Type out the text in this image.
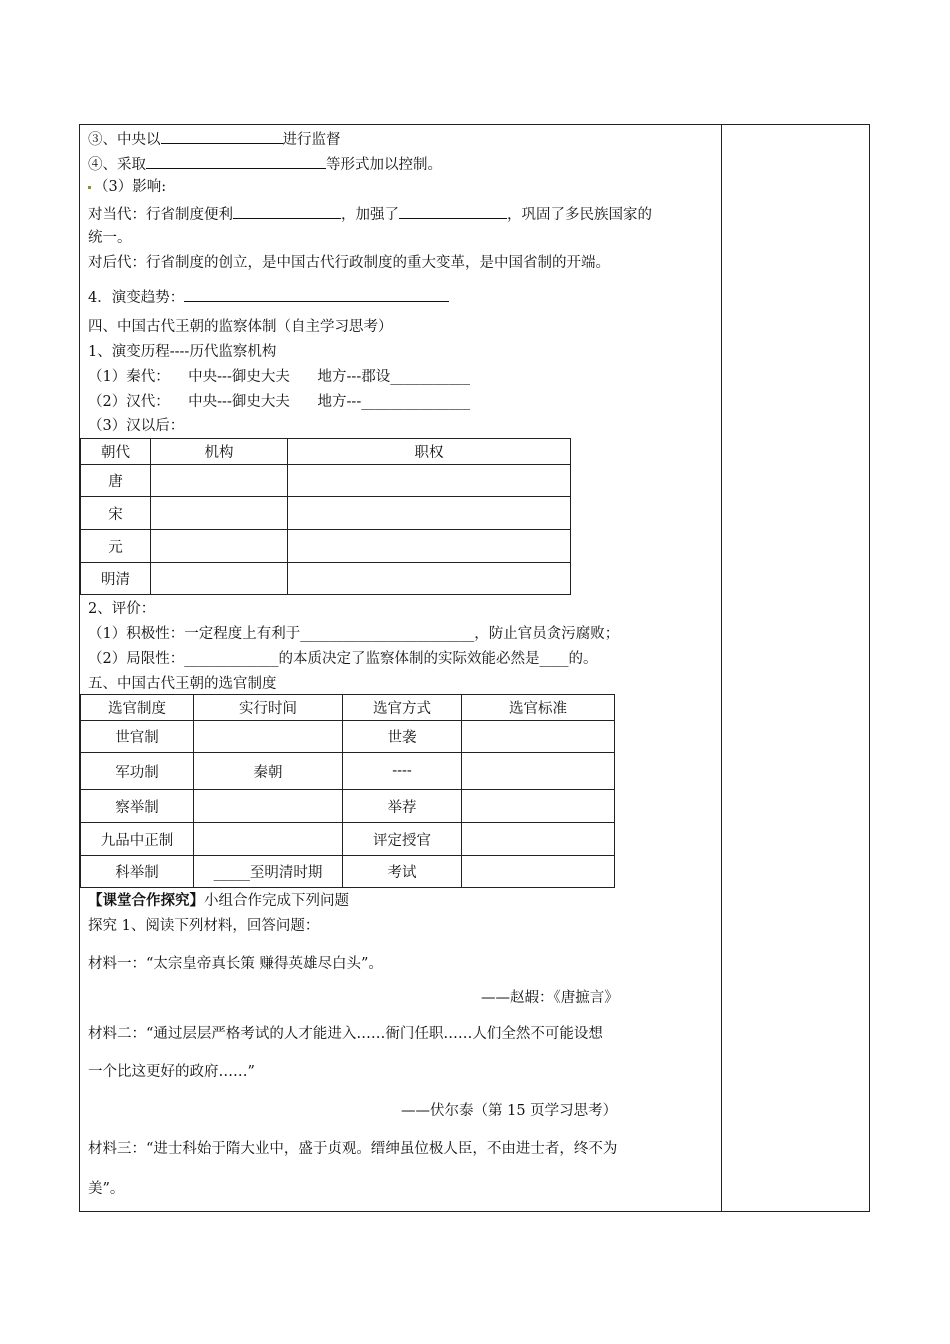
③、中央以	进行监督
④、采取	等形式加以控制。
（3）影响:
对当代：行省制度便利	，加强了	，巩固了多民族国家的
统一。
对后代：行省制度的创立，是中国古代行政制度的重大变革，是中国省制的开端。
4．演变趋势：
四、中国古代王朝的监察体制（自主学习思考）
1、演变历程----历代监察机构
（1）秦代：    中央---御史大夫      地方---郡设___________
（2）汉代：    中央---御史大夫      地方---_______________
（3）汉以后：
朝代	机构	职权
唐		
宋		
元		
明清		
2、评价：
（1）积极性：一定程度上有利于________________________，防止官员贪污腐败；
（2）局限性：_____________的本质决定了监察体制的实际效能必然是____的。
五、中国古代王朝的选官制度
选官制度	实行时间	选官方式	选官标准
世官制		世袭	
军功制	秦朝	----	
察举制		举荐	
九品中正制		评定授官	
科举制	_____至明清时期	考试	
【课堂合作探究】小组合作完成下列问题
探究 1、阅读下列材料，回答问题：
材料一：“太宗皇帝真长策 赚得英雄尽白头”。
——赵嘏：《唐摭言》
材料二：“通过层层严格考试的人才能进入……衙门任职……人们全然不可能设想
一个比这更好的政府……”
——伏尔泰（第 15 页学习思考）
材料三：“进士科始于隋大业中，盛于贞观。缙绅虽位极人臣，不由进士者，终不为
美”。
